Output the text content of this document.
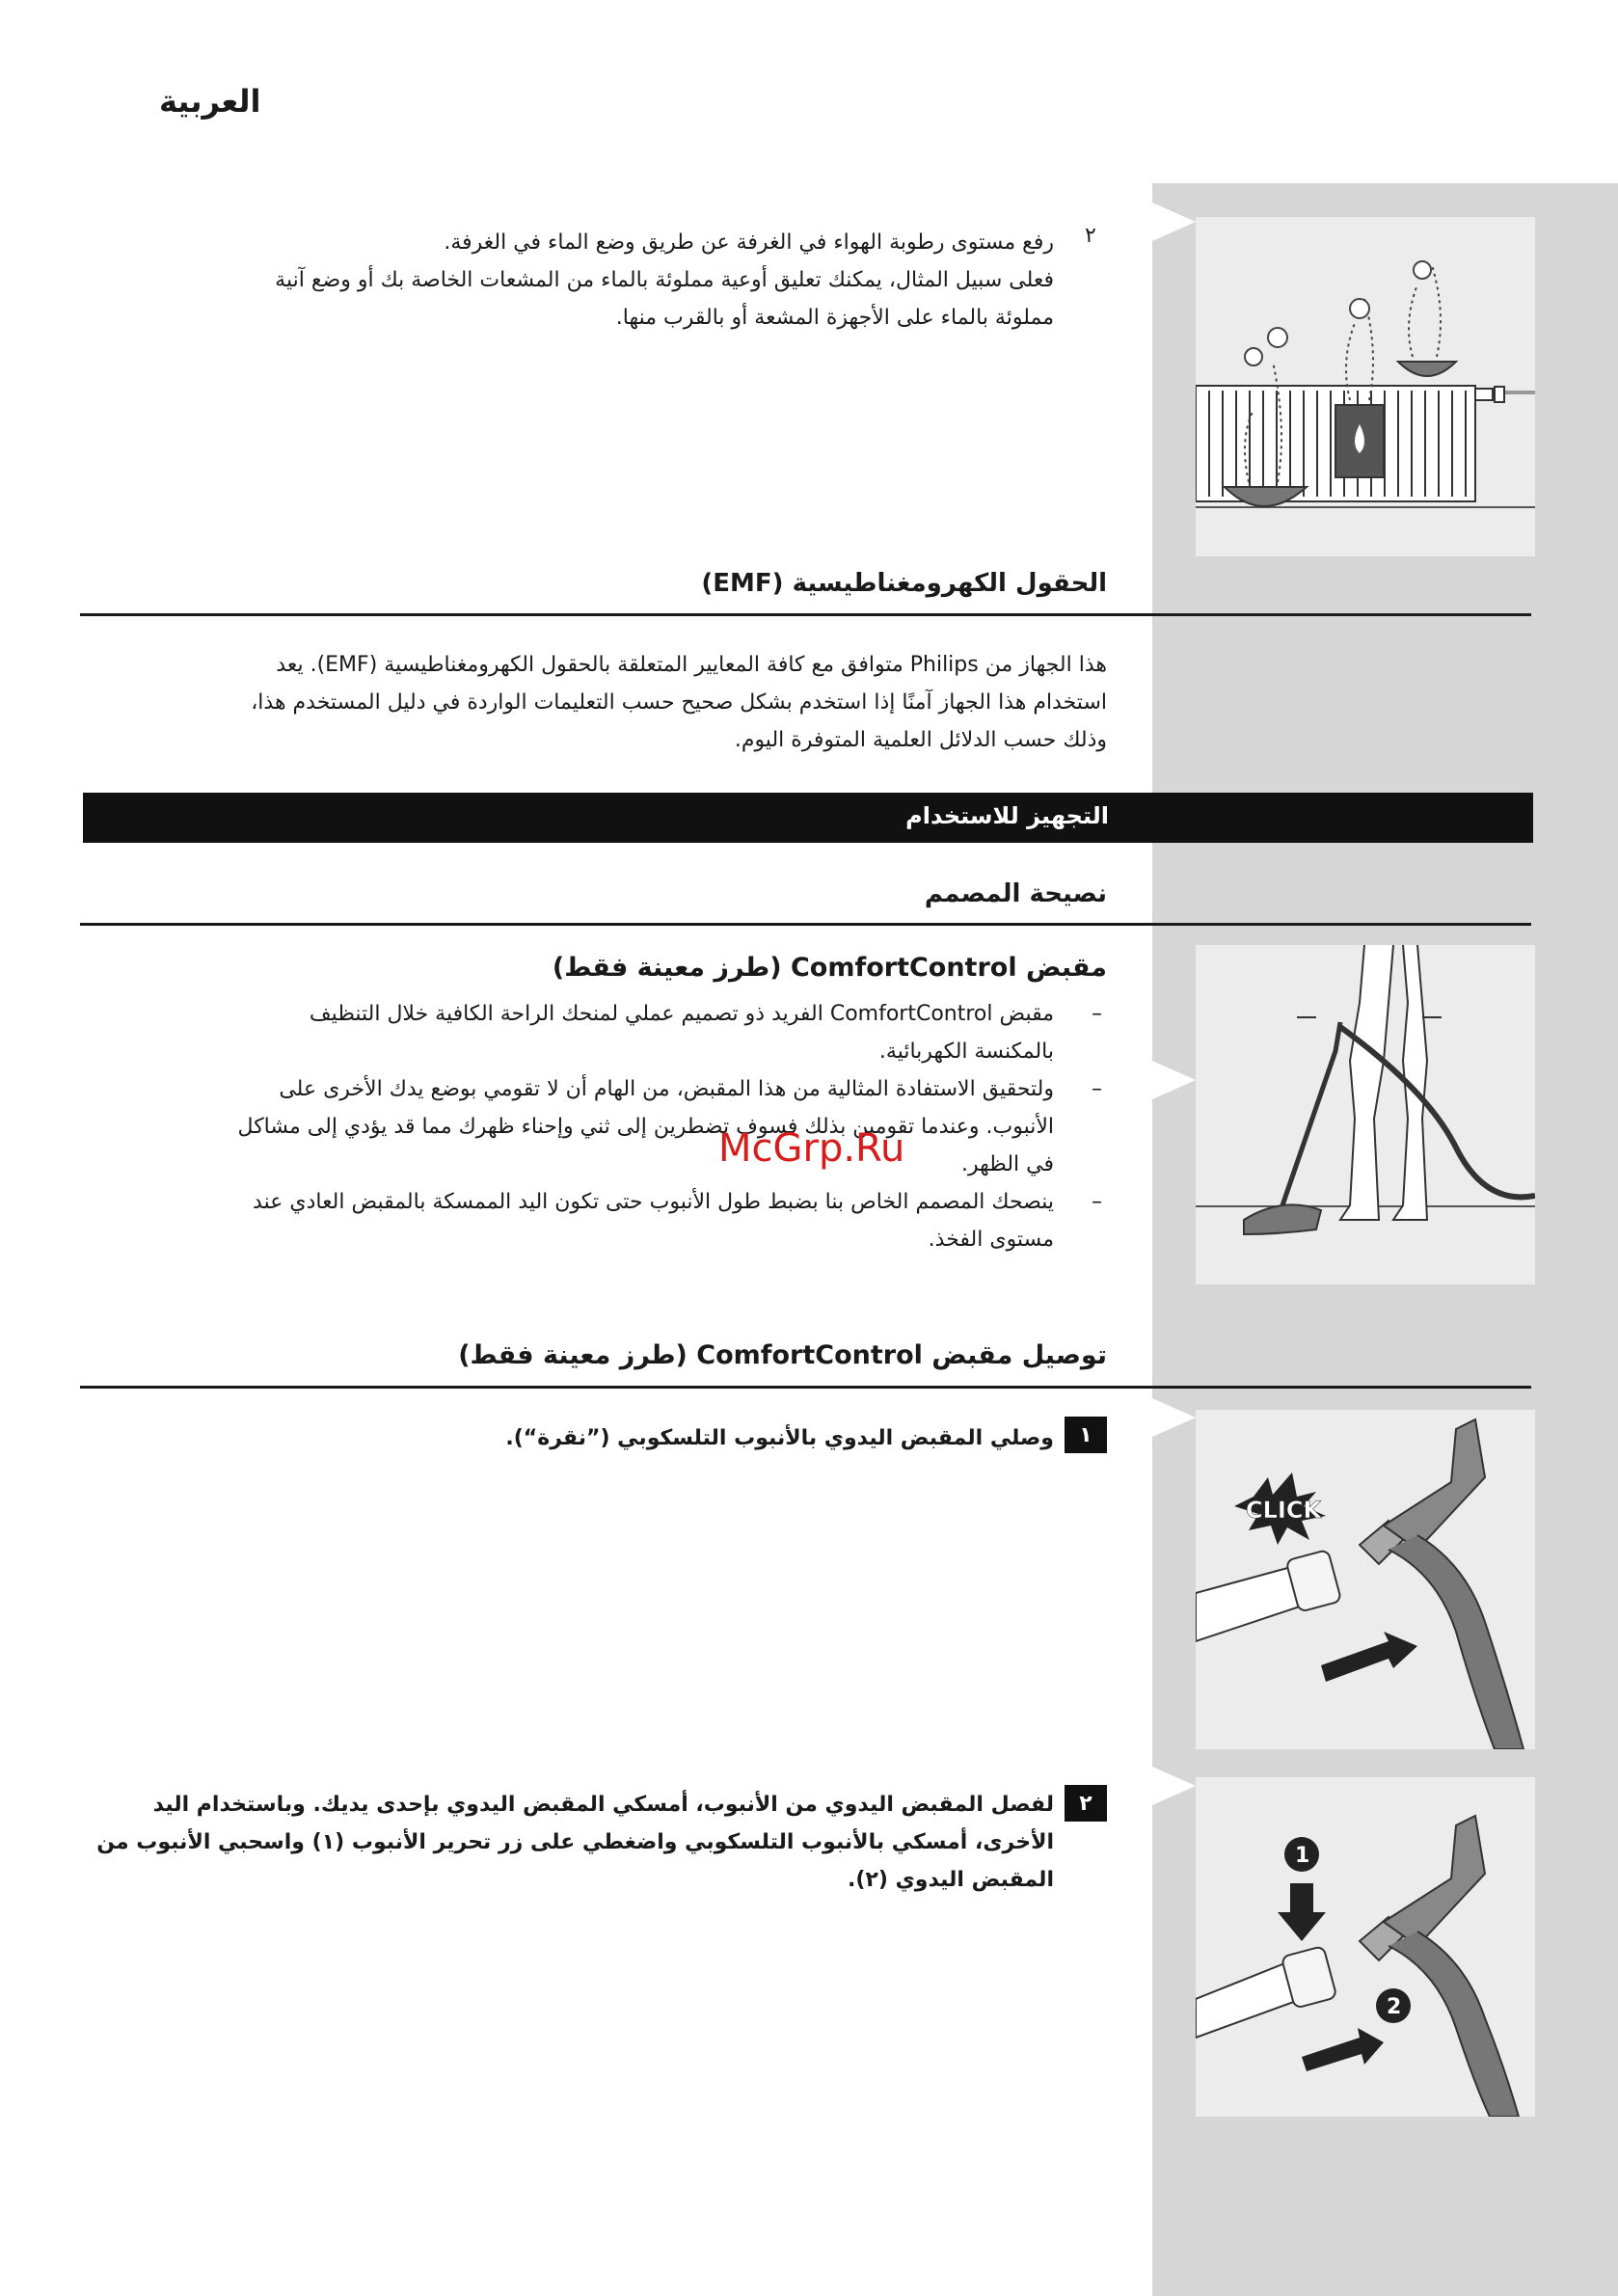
CLICK
1
2
العربية
٢
رفع مستوى رطوبة الهواء في الغرفة عن طريق وضع الماء في الغرفة.
فعلى سبيل المثال، يمكنك تعليق أوعية مملوئة بالماء من المشعات الخاصة بك أو وضع آنية
مملوئة بالماء على الأجهزة المشعة أو بالقرب منها.
الحقول الكهرومغناطيسية (EMF)
هذا الجهاز من Philips متوافق مع كافة المعايير المتعلقة بالحقول الكهرومغناطيسية (EMF). يعد
استخدام هذا الجهاز آمنًا إذا استخدم بشكل صحيح حسب التعليمات الواردة في دليل المستخدم هذا،
وذلك حسب الدلائل العلمية المتوفرة اليوم.
التجهيز للاستخدام
نصيحة المصمم
مقبض ComfortControl (طرز معينة فقط)
–
مقبض ComfortControl الفريد ذو تصميم عملي لمنحك الراحة الكافية خلال التنظيف
بالمكنسة الكهربائية.
–
ولتحقيق الاستفادة المثالية من هذا المقبض، من الهام أن لا تقومي بوضع يدك الأخرى على
الأنبوب. وعندما تقومين بذلك فسوف تضطرين إلى ثني وإحناء ظهرك مما قد يؤدي إلى مشاكل
في الظهر.
–
ينصحك المصمم الخاص بنا بضبط طول الأنبوب حتى تكون اليد الممسكة بالمقبض العادي عند
مستوى الفخذ.
McGrp.Ru
توصيل مقبض ComfortControl (طرز معينة فقط)
١
وصلي المقبض اليدوي بالأنبوب التلسكوبي (”نقرة“).
٢
لفصل المقبض اليدوي من الأنبوب، أمسكي المقبض اليدوي بإحدى يديك. وباستخدام اليد
الأخرى، أمسكي بالأنبوب التلسكوبي واضغطي على زر تحرير الأنبوب (١) واسحبي الأنبوب من
المقبض اليدوي (٢).
